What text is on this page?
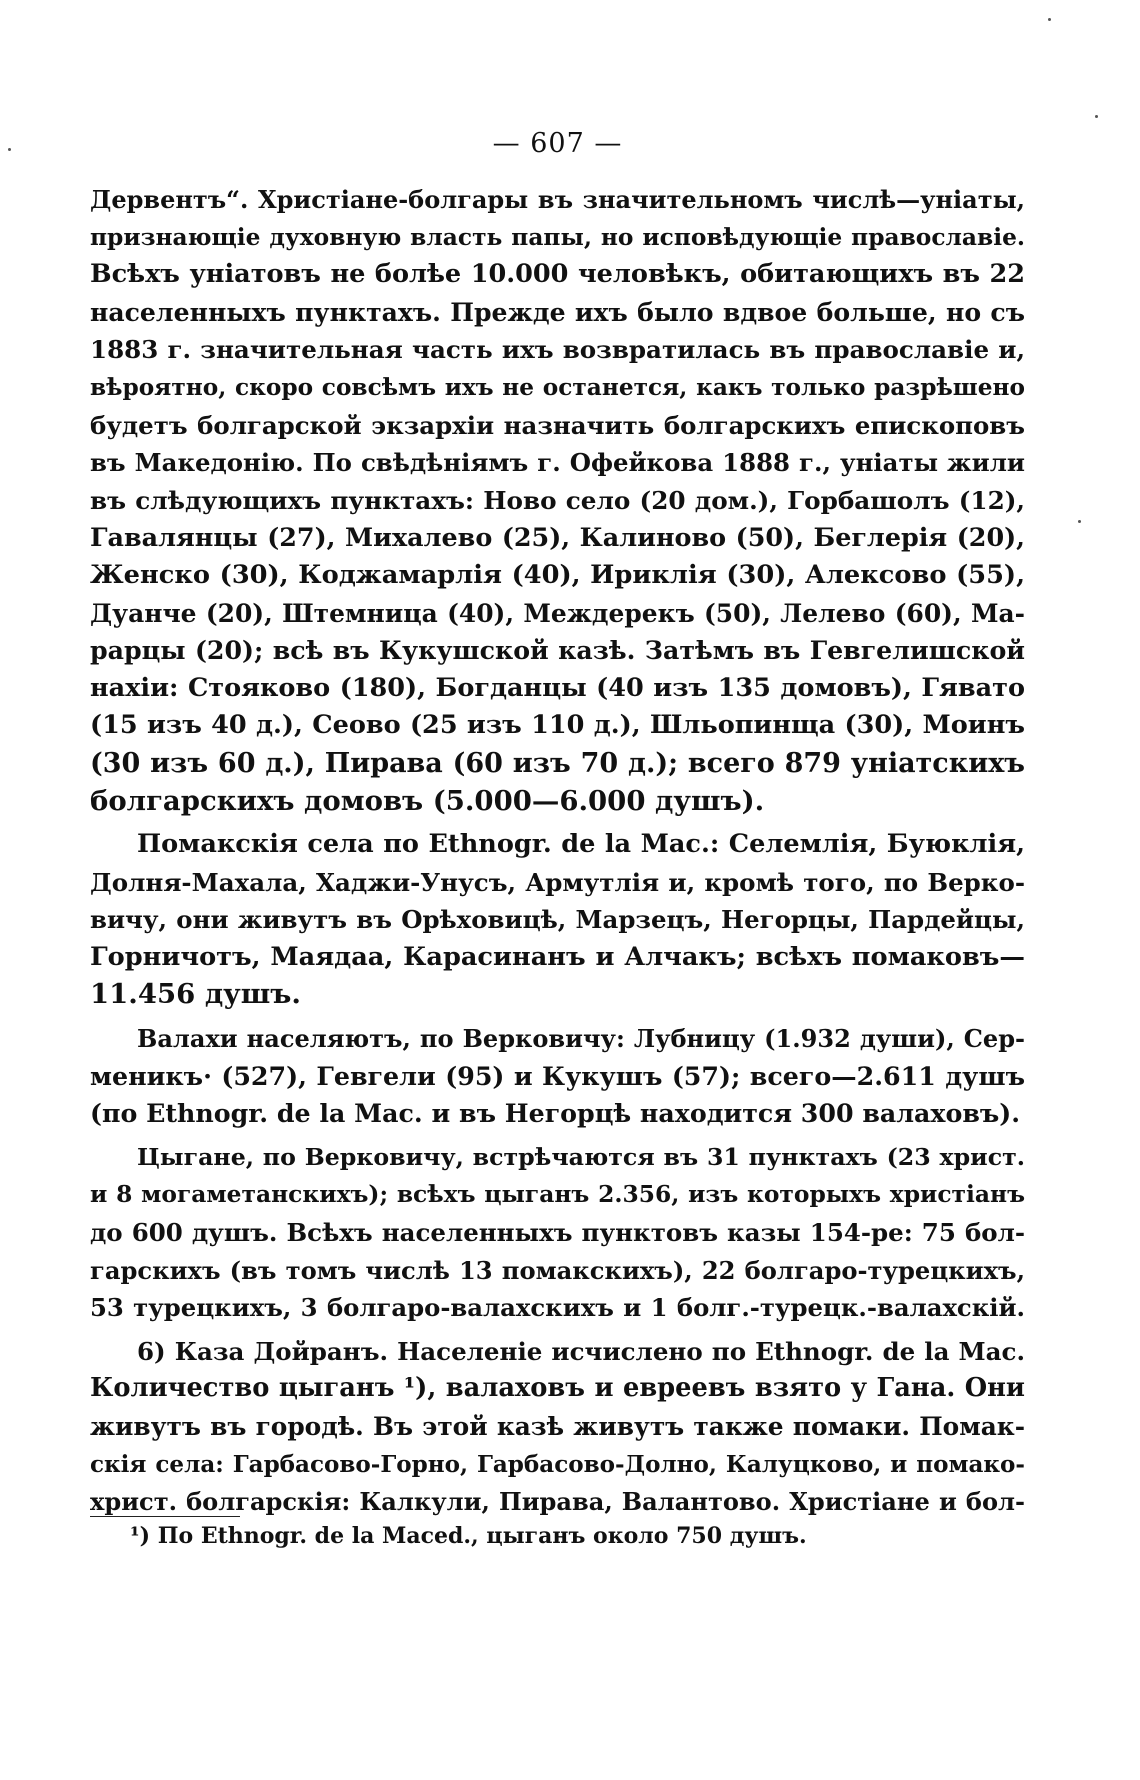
— 607 —
Дервентъ“. Христіане-болгары въ значительномъ числѣ—уніаты,
признающіе духовную власть папы, но исповѣдующіе православіе.
Всѣхъ уніатовъ не болѣе 10.000 человѣкъ, обитающихъ въ 22
населенныхъ пунктахъ. Прежде ихъ было вдвое больше, но съ
1883 г. значительная часть ихъ возвратилась въ православіе и,
вѣроятно, скоро совсѣмъ ихъ не останется, какъ только разрѣшено
будетъ болгарской экзархіи назначить болгарскихъ епископовъ
въ Македонію. По свѣдѣніямъ г. Офейкова 1888 г., уніаты жили
въ слѣдующихъ пунктахъ: Ново село (20 дом.), Горбашолъ (12),
Гавалянцы (27), Михалево (25), Калиново (50), Беглерія (20),
Женско (30), Коджамарлія (40), Ириклія (30), Алексово (55),
Дуанче (20), Штемница (40), Междерекъ (50), Лелево (60), Ма-
рарцы (20); всѣ въ Кукушской казѣ. Затѣмъ въ Гевгелишской
нахіи: Стояково (180), Богданцы (40 изъ 135 домовъ), Гявато
(15 изъ 40 д.), Сеово (25 изъ 110 д.), Шльопинща (30), Моинъ
(30 изъ 60 д.), Пирава (60 изъ 70 д.); всего 879 уніатскихъ
болгарскихъ домовъ (5.000—6.000 душъ).
Помакскія села по Ethnogr. de la Mac.: Селемлія, Буюклія,
Долня-Махала, Хаджи-Унусъ, Армутлія и, кромѣ того, по Верко-
вичу, они живутъ въ Орѣховицѣ, Марзецъ, Негорцы, Пардейцы,
Горничотъ, Маядаа, Карасинанъ и Алчакъ; всѣхъ помаковъ—
11.456 душъ.
Валахи населяютъ, по Верковичу: Лубницу (1.932 души), Сер-
меникъ· (527), Гевгели (95) и Кукушъ (57); всего—2.611 душъ
(по Ethnogr. de la Mac. и въ Негорцѣ находится 300 валаховъ).
Цыгане, по Верковичу, встрѣчаются въ 31 пунктахъ (23 христ.
и 8 могаметанскихъ); всѣхъ цыганъ 2.356, изъ которыхъ христіанъ
до 600 душъ. Всѣхъ населенныхъ пунктовъ казы 154-ре: 75 бол-
гарскихъ (въ томъ числѣ 13 помакскихъ), 22 болгаро-турецкихъ,
53 турецкихъ, 3 болгаро-валахскихъ и 1 болг.-турецк.-валахскій.
6) Каза Дойранъ. Населеніе исчислено по Ethnogr. de la Mac.
Количество цыганъ ¹), валаховъ и евреевъ взято у Гана. Они
живутъ въ городѣ. Въ этой казѣ живутъ также помаки. Помак-
скія села: Гарбасово-Горно, Гарбасово-Долно, Калуцково, и помако-
христ. болгарскія: Калкули, Пирава, Валантово. Христіане и бол-
¹) По Ethnogr. de la Maced., цыганъ около 750 душъ.
